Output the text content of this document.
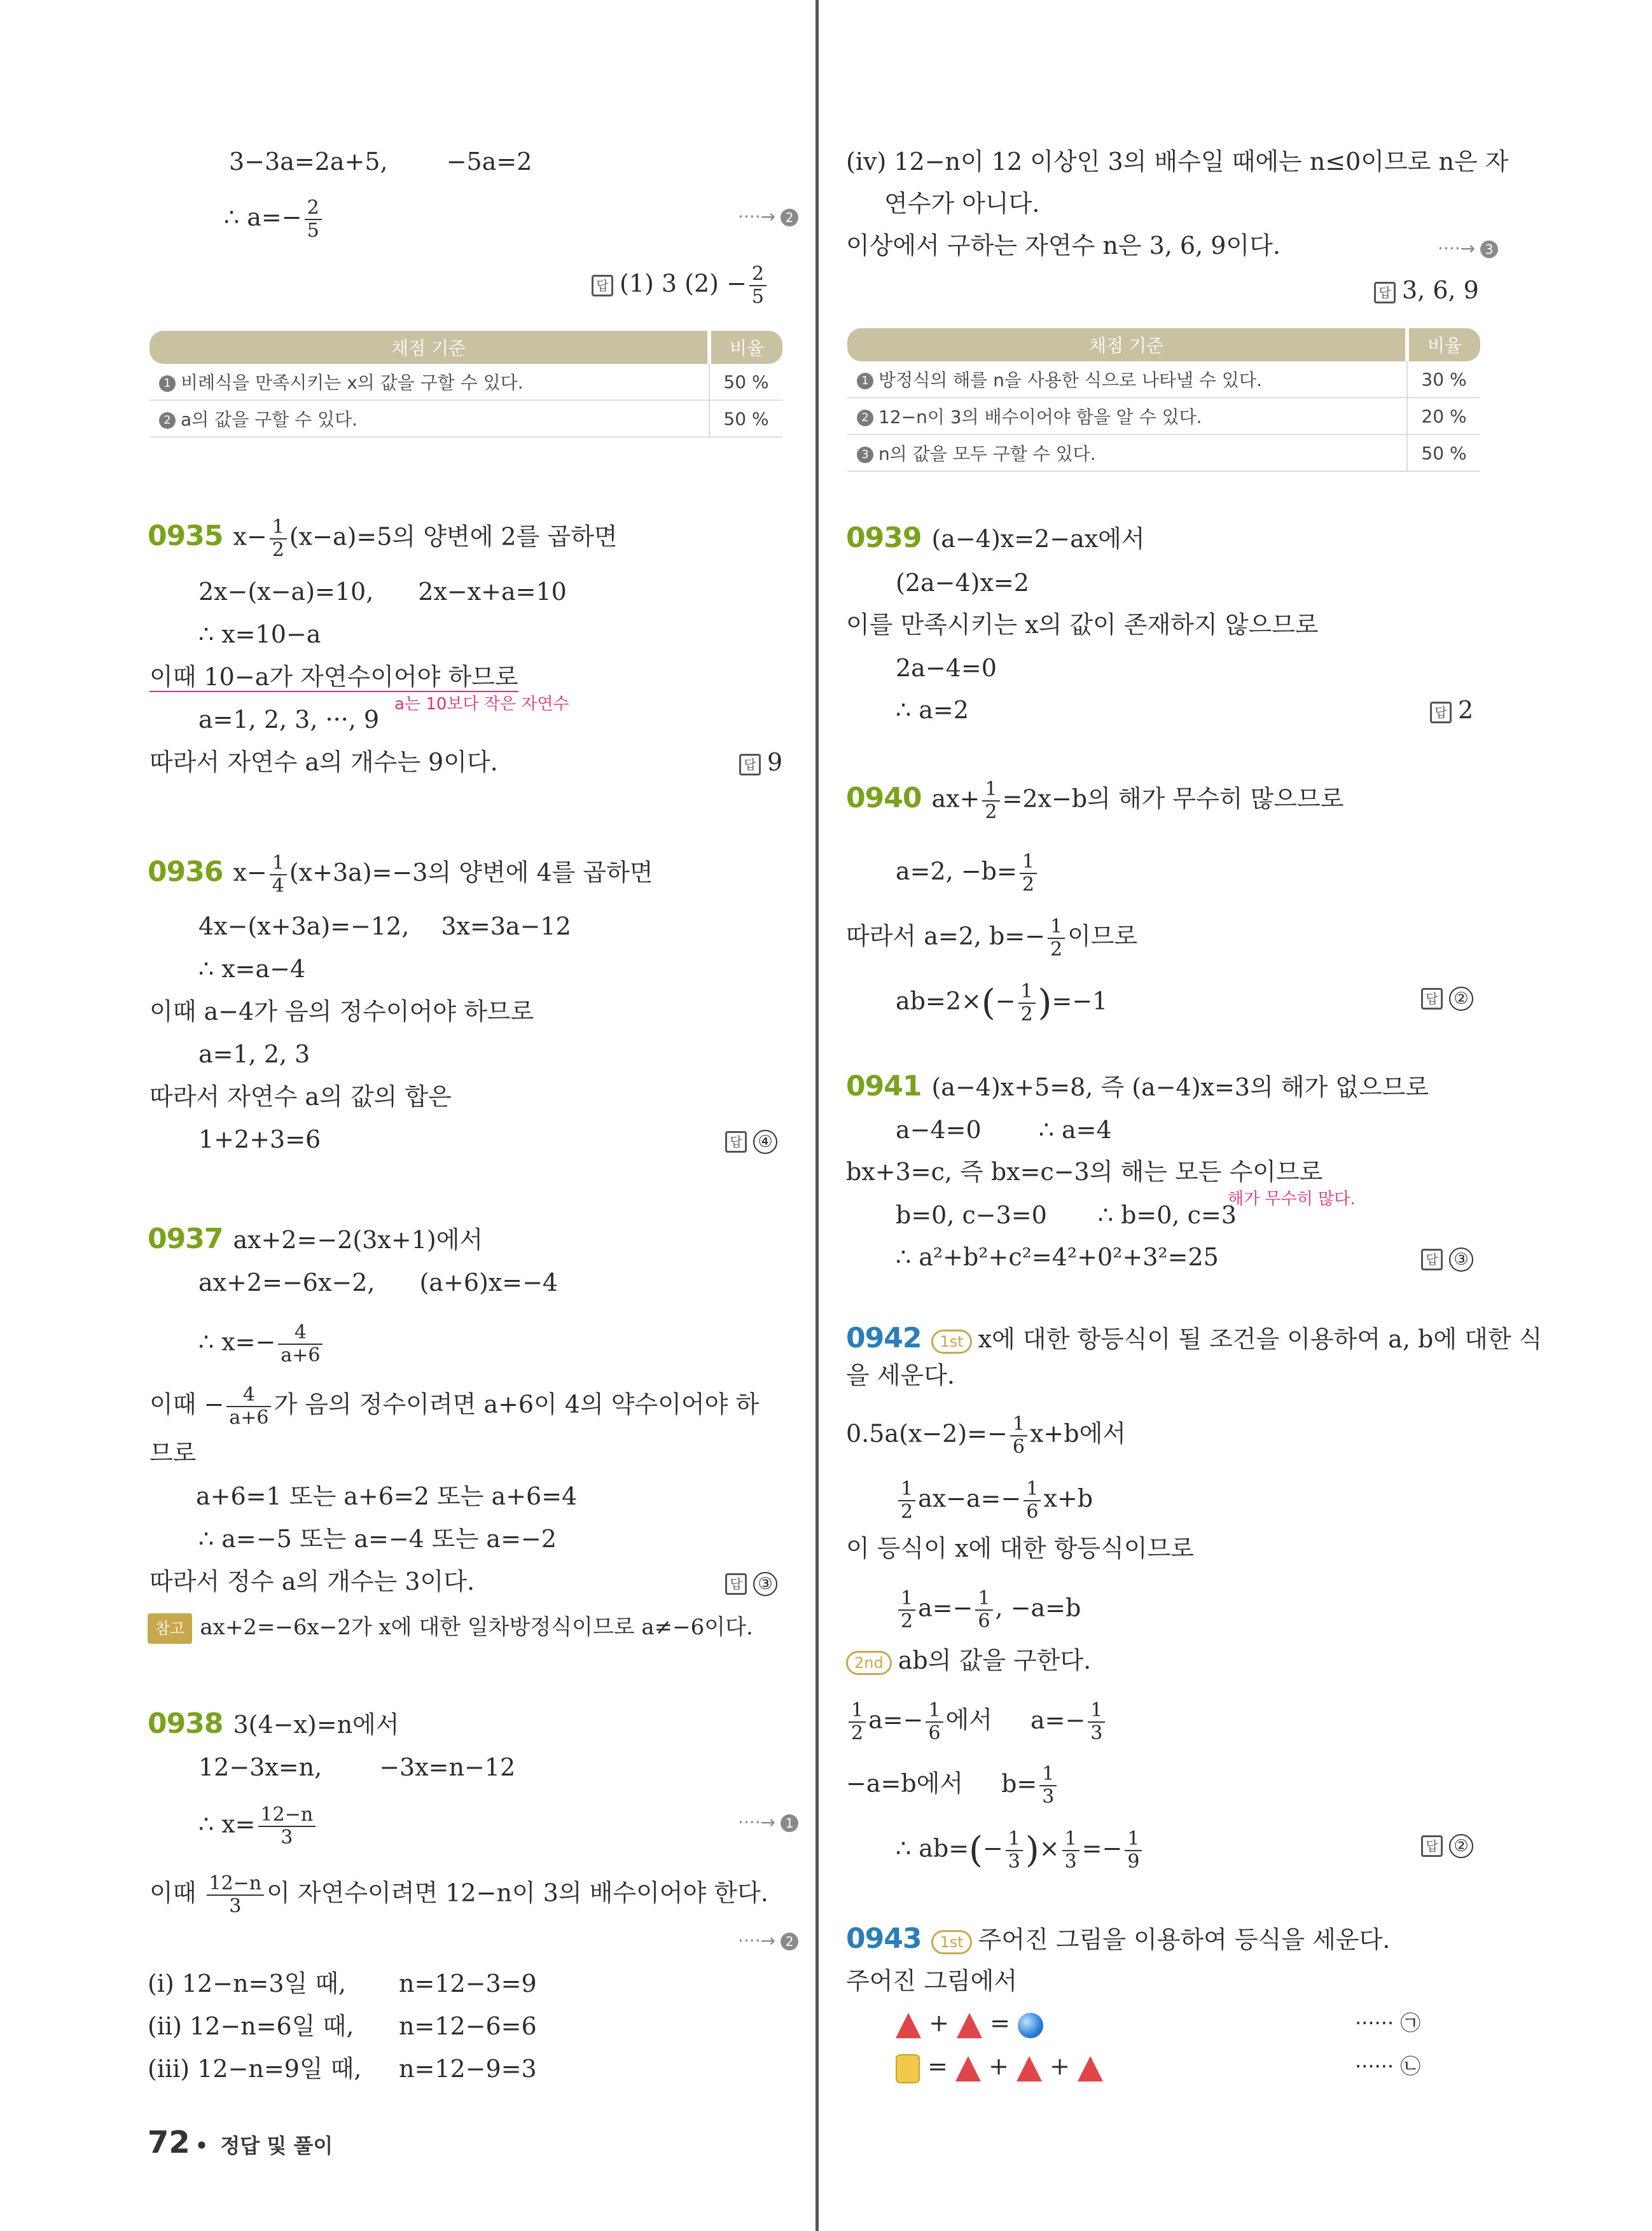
3−3a=2a+5, −5a=2
∴ $a=- \frac{2}{5}$	····→ 2
답 (1) 3 $(2) - \frac{2}{5}$
채점 기준	비율
1 비례식을 만족시키는 x의 값을 구할 수 있다.	50 %
2 a의 값을 구할 수 있다.	50 %
0935 $x- \frac{1}{2} (x-a)=5$의 양변에 2를 곱하면
2x−(x−a)=10, 2x−x+a=10
∴ x=10−a
이때 10−a가 자연수이어야 하므로
a는 10보다 작은 자연수
a=1, 2, 3, ···, 9
따라서 자연수 a의 개수는 9이다.	답 9
0936 $x- \frac{1}{4} (x+3a)=-3$의 양변에 4를 곱하면
4x−(x+3a)=−12, 3x=3a−12
∴ x=a−4
이때 a−4가 음의 정수이어야 하므로
a=1, 2, 3
따라서 자연수 a의 값의 합은
1+2+3=6	답 ④
0937 ax+2=−2(3x+1)에서
ax+2=−6x−2, (a+6)x=−4
∴ $x=- \frac{4}{a+6}$
이때 − $\frac{4}{a+6}$ 가 음의 정수이려면 a+6이 4의 약수이어야 하
므로
a+6=1 또는 a+6=2 또는 a+6=4
∴ a=−5 또는 a=−4 또는 a=−2
따라서 정수 a의 개수는 3이다.	답 ③
참고 ax+2=−6x−2가 x에 대한 일차방정식이므로 a≠−6이다.
0938 3(4−x)=n에서
12−3x=n, −3x=n−12
∴ $x= \frac{12-n}{3}$	····→ 1
이때 $\frac{12-n}{3}$ 이 자연수이려면 12−n이 3의 배수이어야 한다.
····→ 2
(i) 12−n=3일 때, n=12−3=9
(ii) 12−n=6일 때, n=12−6=6
(iii) 12−n=9일 때, n=12−9=3
72 • 정답 및 풀이
(iv) 12−n이 12 이상인 3의 배수일 때에는 n≤0이므로 n은 자
연수가 아니다.
이상에서 구하는 자연수 n은 3, 6, 9이다.	····→ 3
답 3, 6, 9
채점 기준	비율
1 방정식의 해를 n을 사용한 식으로 나타낼 수 있다.	30 %
2 12−n이 3의 배수이어야 함을 알 수 있다.	20 %
3 n의 값을 모두 구할 수 있다.	50 %
0939 (a−4)x=2−ax에서
(2a−4)x=2
이를 만족시키는 x의 값이 존재하지 않으므로
2a−4=0
∴ a=2	답 2
0940 $ax+ \frac{1}{2} =2x-b$의 해가 무수히 많으므로
a=2, $-b= \frac{1}{2}$
따라서 a=2, $b=- \frac{1}{2}$ 이므로
$ab=2\times(- \frac{1}{2} )=-1$	답 ②
0941 (a−4)x+5=8, 즉 (a−4)x=3의 해가 없으므로
a−4=0 ∴ a=4
bx+3=c, 즉 bx=c−3의 해는 모든 수이므로
해가 무수히 많다.
b=0, c−3=0 ∴ b=0, c=3
∴ a²+b²+c²=4²+0²+3²=25	답 ③
0942 1st x에 대한 항등식이 될 조건을 이용하여 a, b에 대한 식
을 세운다.
$0.5a(x-2)=- \frac{1}{6} x+b$에서
$\frac{1}{2} ax-a=- \frac{1}{6} x+b$
이 등식이 x에 대한 항등식이므로
$\frac{1}{2} a=- \frac{1}{6}$ , −a=b
2nd ab의 값을 구한다.
$\frac{1}{2} a=- \frac{1}{6}$ 에서 $a=- \frac{1}{3}$
−a=b에서 $b= \frac{1}{3}$
∴ $ab=(- \frac{1}{3}$ )× $\frac{1}{3} =- \frac{1}{9}$	답 ②
0943 1st 주어진 그림을 이용하여 등식을 세운다.
주어진 그림에서
+  =	······ ㉠
=  +  +	······ ㉡
